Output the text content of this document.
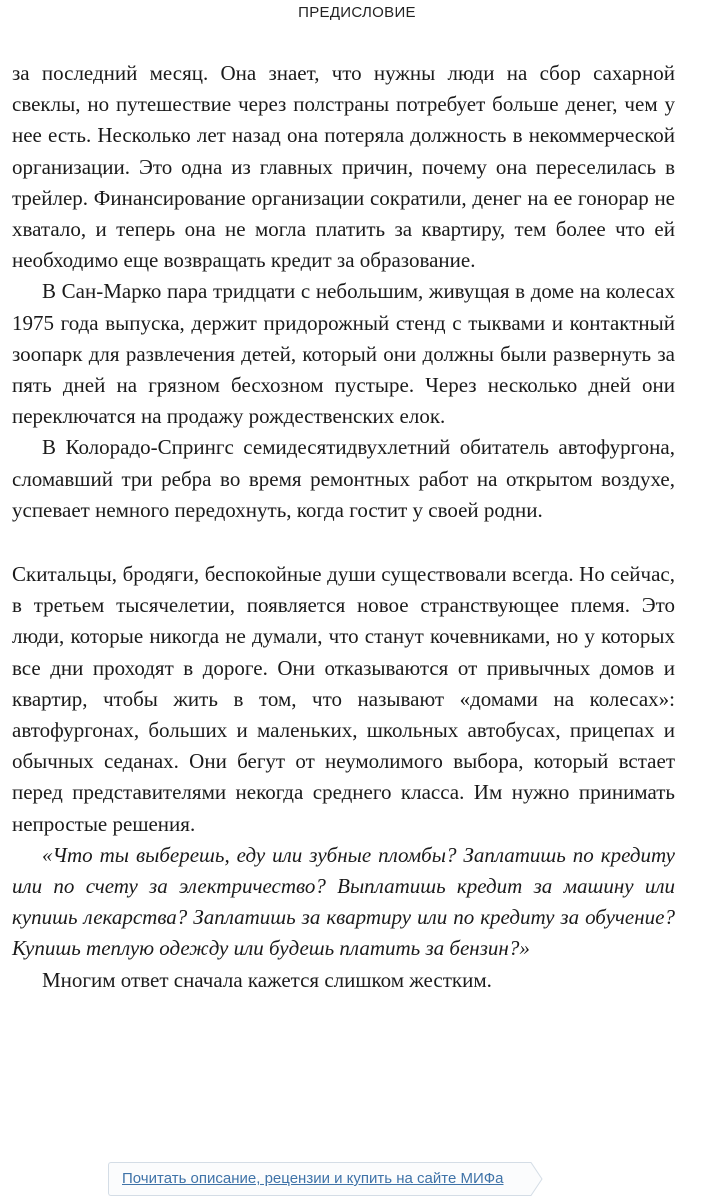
ПРЕДИСЛОВИЕ

за последний месяц. Она знает, что нужны люди на сбор сахарной свеклы, но путешествие через полстраны потребует больше денег, чем у нее есть. Несколько лет назад она потеряла должность в некоммерческой организации. Это одна из главных причин, почему она переселилась в трейлер. Финансирование организации сократили, денег на ее гонорар не хватало, и теперь она не могла платить за квартиру, тем более что ей необходимо еще возвращать кредит за образование.

В Сан-Марко пара тридцати с небольшим, живущая в доме на колесах 1975 года выпуска, держит придорожный стенд с тыквами и контактный зоопарк для развлечения детей, который они должны были развернуть за пять дней на грязном бесхозном пустыре. Через несколько дней они переключатся на продажу рождественских елок.

В Колорадо-Спрингс семидесятидвухлетний обитатель автофургона, сломавший три ребра во время ремонтных работ на открытом воздухе, успевает немного передохнуть, когда гостит у своей родни.

Скитальцы, бродяги, беспокойные души существовали всегда. Но сейчас, в третьем тысячелетии, появляется новое странствующее племя. Это люди, которые никогда не думали, что станут кочевниками, но у которых все дни проходят в дороге. Они отказываются от привычных домов и квартир, чтобы жить в том, что называют «домами на колесах»: автофургонах, больших и маленьких, школьных автобусах, прицепах и обычных седанах. Они бегут от неумолимого выбора, который встает перед представителями некогда среднего класса. Им нужно принимать непростые решения.

«Что ты выберешь, еду или зубные пломбы? Заплатишь по кредиту или по счету за электричество? Выплатишь кредит за машину или купишь лекарства? Заплатишь за квартиру или по кредиту за обучение? Купишь теплую одежду или будешь платить за бензин?»

Многим ответ сначала кажется слишком жестким.

Почитать описание, рецензии и купить на сайте МИФа
